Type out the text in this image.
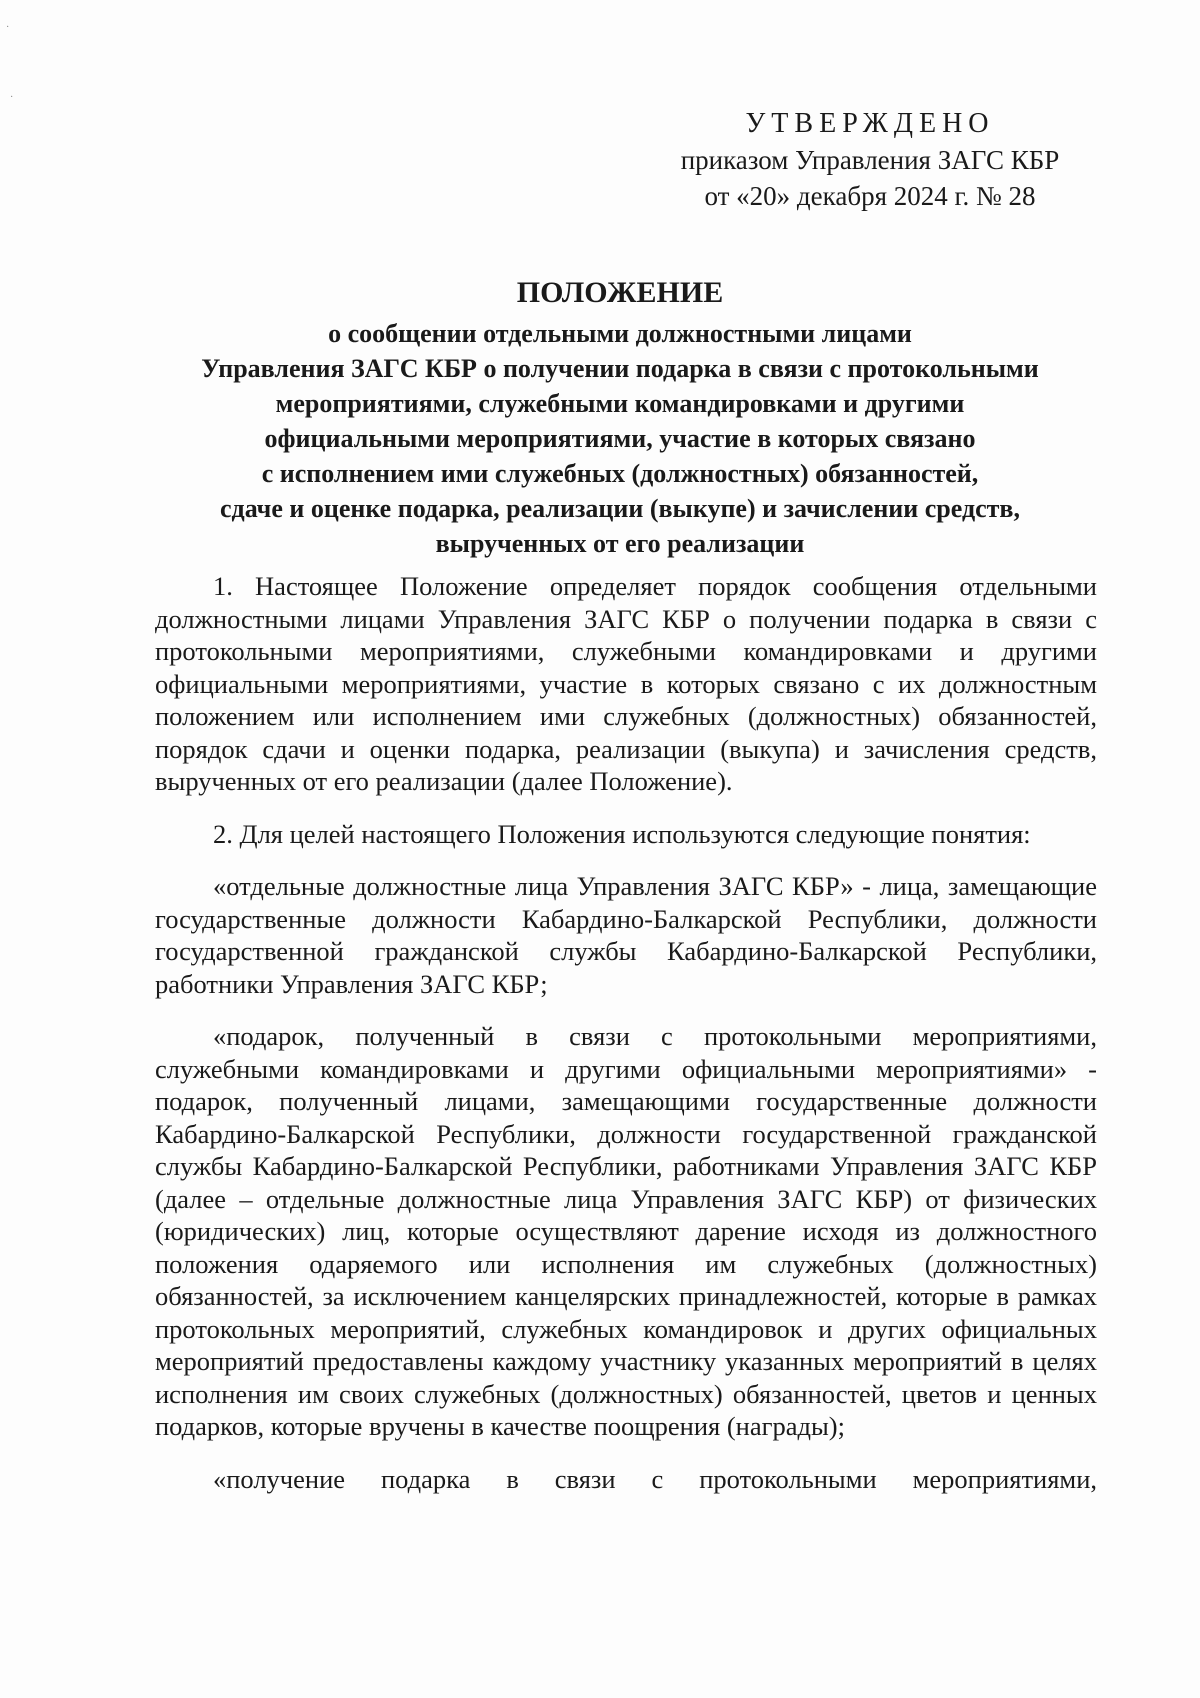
·
·
УТВЕРЖДЕНО
приказом Управления ЗАГС КБР
от «20» декабря 2024 г. № 28
ПОЛОЖЕНИЕ
о сообщении отдельными должностными лицами
Управления ЗАГС КБР о получении подарка в связи с протокольными
мероприятиями, служебными командировками и другими
официальными мероприятиями, участие в которых связано
с исполнением ими служебных (должностных) обязанностей,
сдаче и оценке подарка, реализации (выкупе) и зачислении средств,
вырученных от его реализации

1. Настоящее Положение определяет порядок сообщения отдельными должностными лицами Управления ЗАГС КБР о получении подарка в связи с протокольными мероприятиями, служебными командировками и другими официальными мероприятиями, участие в которых связано с их должностным положением или исполнением ими служебных (должностных) обязанностей, порядок сдачи и оценки подарка, реализации (выкупа) и зачисления средств, вырученных от его реализации (далее Положение).

2. Для целей настоящего Положения используются следующие понятия:

«отдельные должностные лица Управления ЗАГС КБР» - лица, замещающие государственные должности Кабардино-Балкарской Республики, должности государственной гражданской службы Кабардино-Балкарской Республики, работники Управления ЗАГС КБР;

«подарок, полученный в связи с протокольными мероприятиями, служебными командировками и другими официальными мероприятиями» - подарок, полученный лицами, замещающими государственные должности Кабардино-Балкарской Республики, должности государственной гражданской службы Кабардино-Балкарской Республики, работниками Управления ЗАГС КБР (далее – отдельные должностные лица Управления ЗАГС КБР) от физических (юридических) лиц, которые осуществляют дарение исходя из должностного положения одаряемого или исполнения им служебных (должностных) обязанностей, за исключением канцелярских принадлежностей, которые в рамках протокольных мероприятий, служебных командировок и других официальных мероприятий предоставлены каждому участнику указанных мероприятий в целях исполнения им своих служебных (должностных) обязанностей, цветов и ценных подарков, которые вручены в качестве поощрения (награды);

«получение подарка в связи с протокольными мероприятиями,
